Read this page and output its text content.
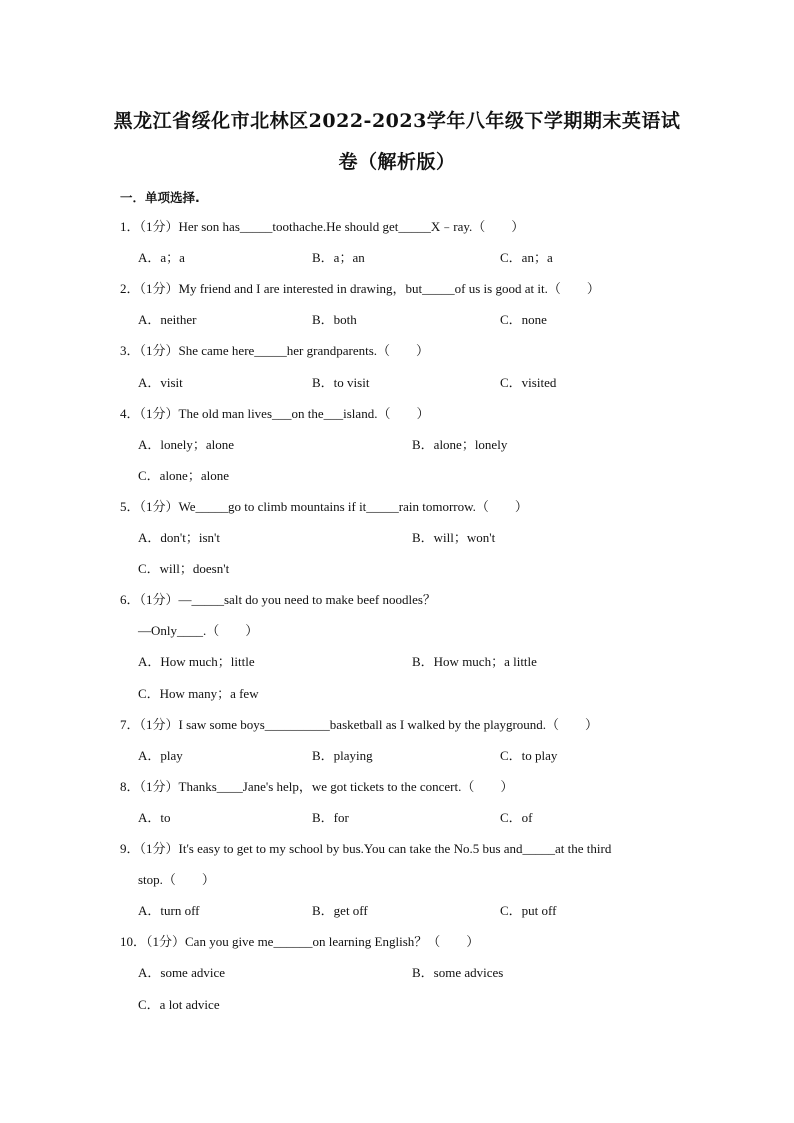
黑龙江省绥化市北林区2022-2023学年八年级下学期期末英语试
卷（解析版）
一．单项选择.
1．（1分）Her son has_____toothache.He should get_____X﹣ray.（　　）
A．a；a	B．a；an	C．an；a
2．（1分）My friend and I are interested in drawing，but_____of us is good at it.（　　）
A．neither	B．both	C．none
3．（1分）She came here_____her grandparents.（　　）
A．visit	B．to visit	C．visited
4．（1分）The old man lives___on the___island.（　　）
A．lonely；alone	B．alone；lonely
C．alone；alone
5．（1分）We_____go to climb mountains if it_____rain tomorrow.（　　）
A．don't；isn't	B．will；won't
C．will；doesn't
6．（1分）—_____salt do you need to make beef noodles？
—Only____.（　　）
A．How much；little	B．How much；a little
C．How many；a few
7．（1分）I saw some boys__________basketball as I walked by the playground.（　　）
A．play	B．playing	C．to play
8．（1分）Thanks____Jane's help，we got tickets to the concert.（　　）
A．to	B．for	C．of
9．（1分）It's easy to get to my school by bus.You can take the No.5 bus and_____at the third
stop.（　　）
A．turn off	B．get off	C．put off
10．（1分）Can you give me______on learning English？（　　）
A．some advice	B．some advices
C．a lot advice
